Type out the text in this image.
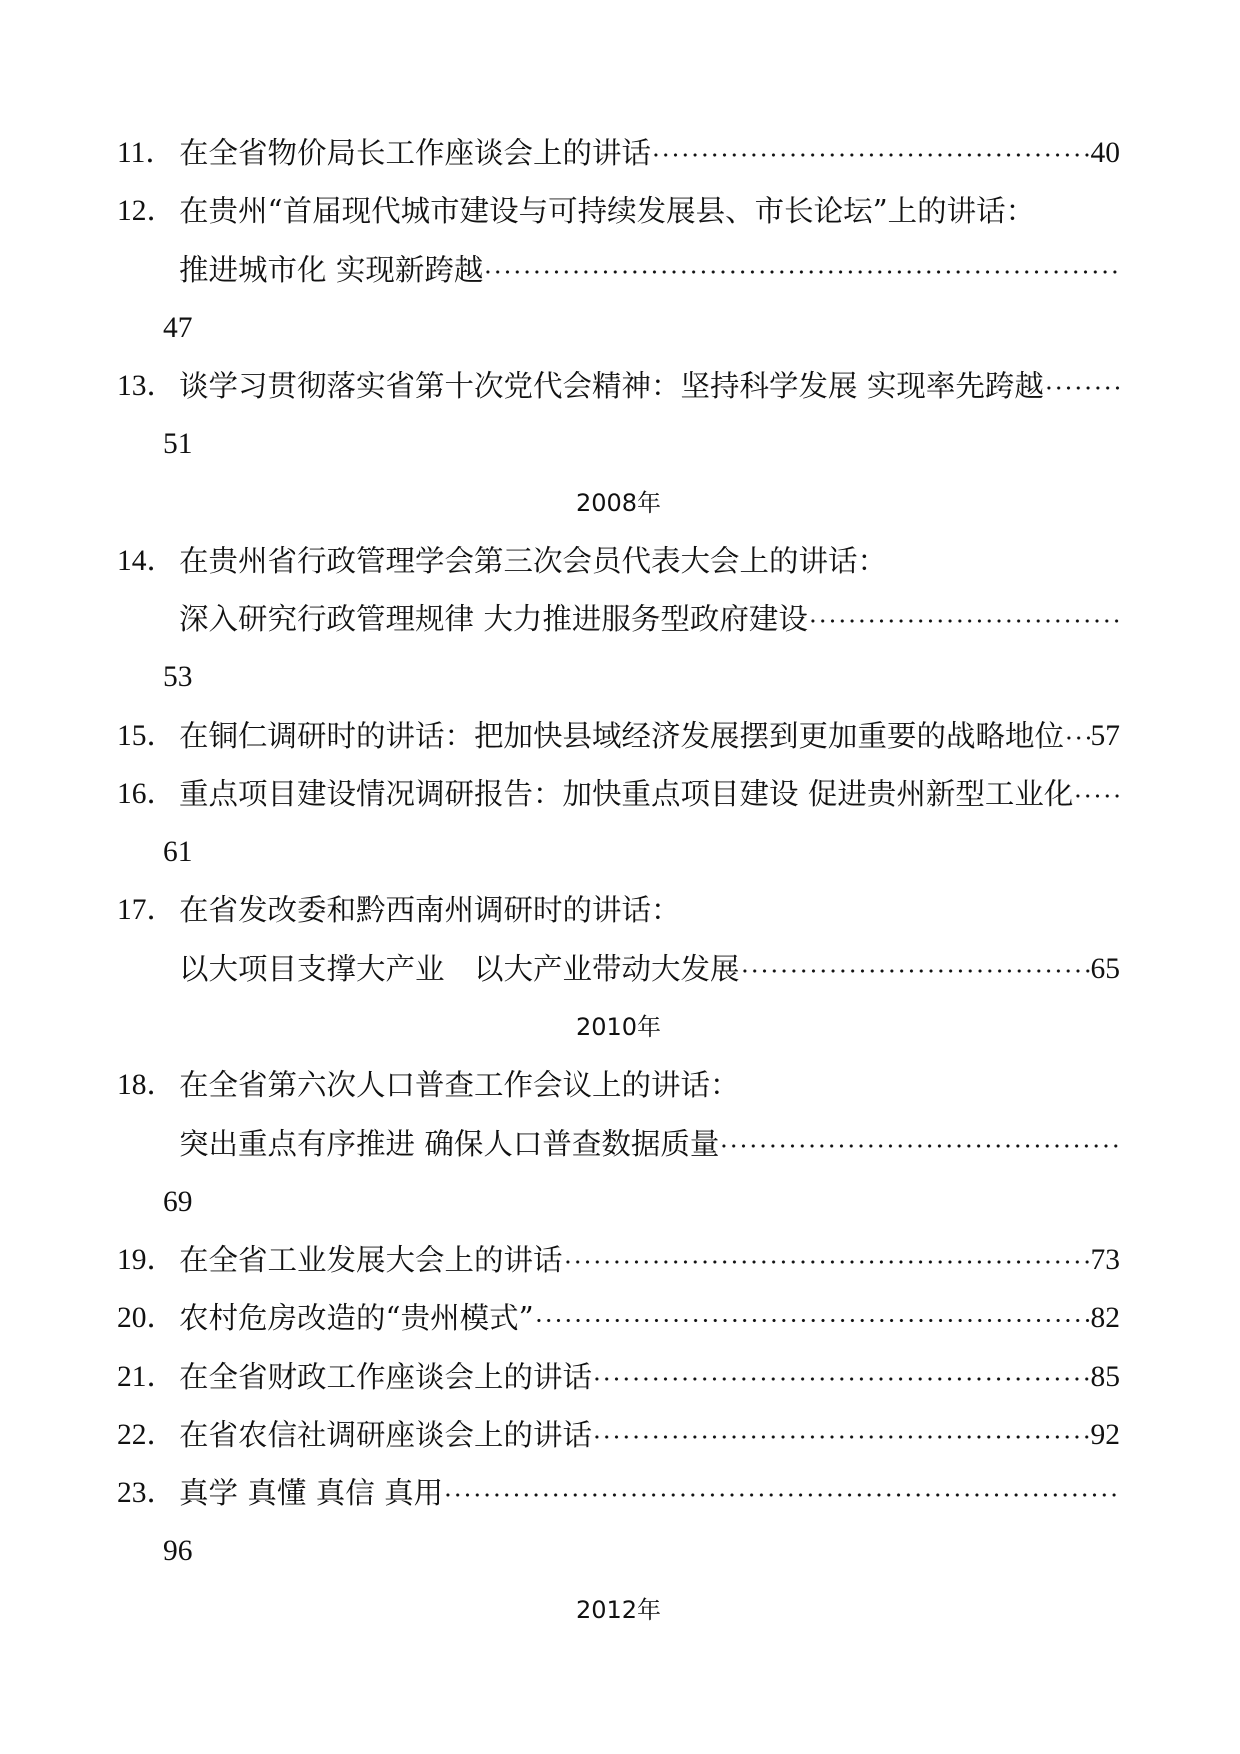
11． 在全省物价局长工作座谈会上的讲话	40
12． 在贵州“首届现代城市建设与可持续发展县、市长论坛”上的讲话：
推进城市化 实现新跨越
47
13． 谈学习贯彻落实省第十次党代会精神：坚持科学发展 实现率先跨越
51
2008年
14． 在贵州省行政管理学会第三次会员代表大会上的讲话：
深入研究行政管理规律 大力推进服务型政府建设
53
15． 在铜仁调研时的讲话：把加快县域经济发展摆到更加重要的战略地位 57
16． 重点项目建设情况调研报告：加快重点项目建设 促进贵州新型工业化
61
17． 在省发改委和黔西南州调研时的讲话：
以大项目支撑大产业　以大产业带动大发展	65
2010年
18． 在全省第六次人口普查工作会议上的讲话：
突出重点有序推进 确保人口普查数据质量
69
19． 在全省工业发展大会上的讲话	73
20． 农村危房改造的“贵州模式”	82
21． 在全省财政工作座谈会上的讲话	85
22． 在省农信社调研座谈会上的讲话	92
23． 真学 真懂 真信 真用
96
2012年
